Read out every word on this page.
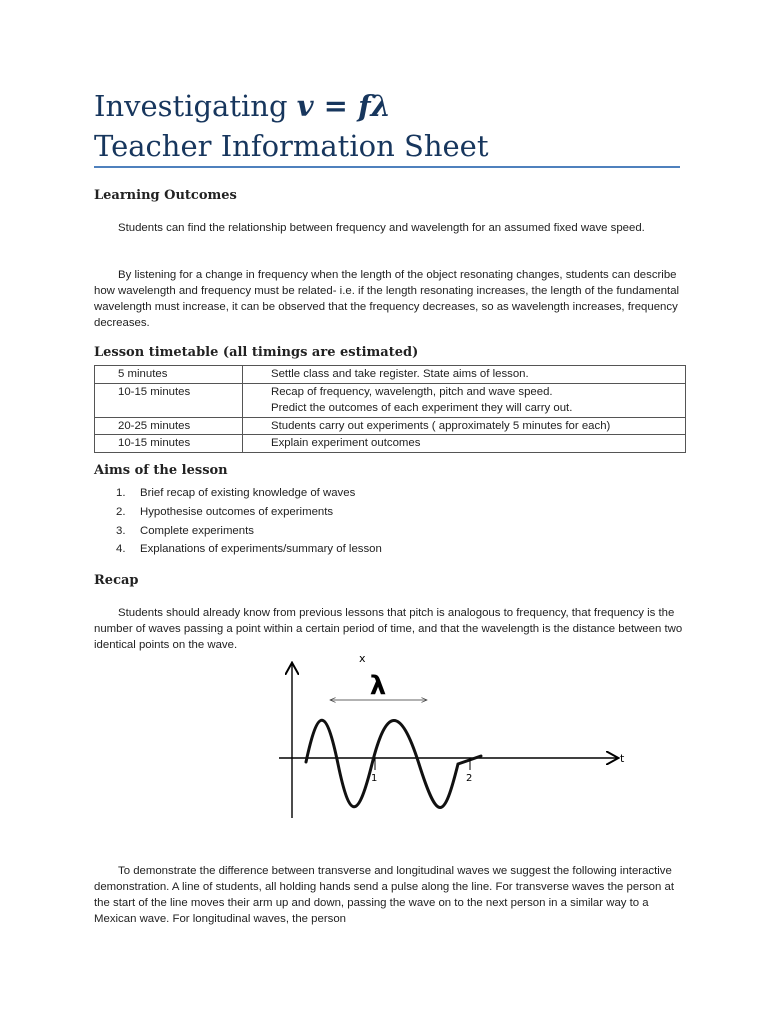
Investigating v = fλ
Teacher Information Sheet
Learning Outcomes

Students can find the relationship between frequency and wavelength for an assumed fixed wave speed.

By listening for a change in frequency when the length of the object resonating changes, students can describe how wavelength and frequency must be related- i.e. if the length resonating increases, the length of the fundamental wavelength must increase, it can be observed that the frequency decreases, so as wavelength increases, frequency decreases.

Lesson timetable (all timings are estimated)
5 minutes	Settle class and take register. State aims of lesson.
10-15 minutes	Recap of frequency, wavelength, pitch and wave speed.
Predict the outcomes of each experiment they will carry out.

20-25 minutes	Students carry out experiments ( approximately 5 minutes for each)
10-15 minutes	Explain experiment outcomes
Aims of the lesson
1. Brief recap of existing knowledge of waves
2. Hypothesise outcomes of experiments
3. Complete experiments
4. Explanations of experiments/summary of lesson
Recap

Students should already know from previous lessons that pitch is analogous to frequency, that frequency is the number of waves passing a point within a certain period of time, and that the wavelength is the distance between two identical points on the wave.

x
t
λ
1	2

To demonstrate the difference between transverse and longitudinal waves we suggest the following interactive demonstration. A line of students, all holding hands send a pulse along the line. For transverse waves the person at the start of the line moves their arm up and down, passing the wave on to the next person in a similar way to a Mexican wave. For longitudinal waves, the person
